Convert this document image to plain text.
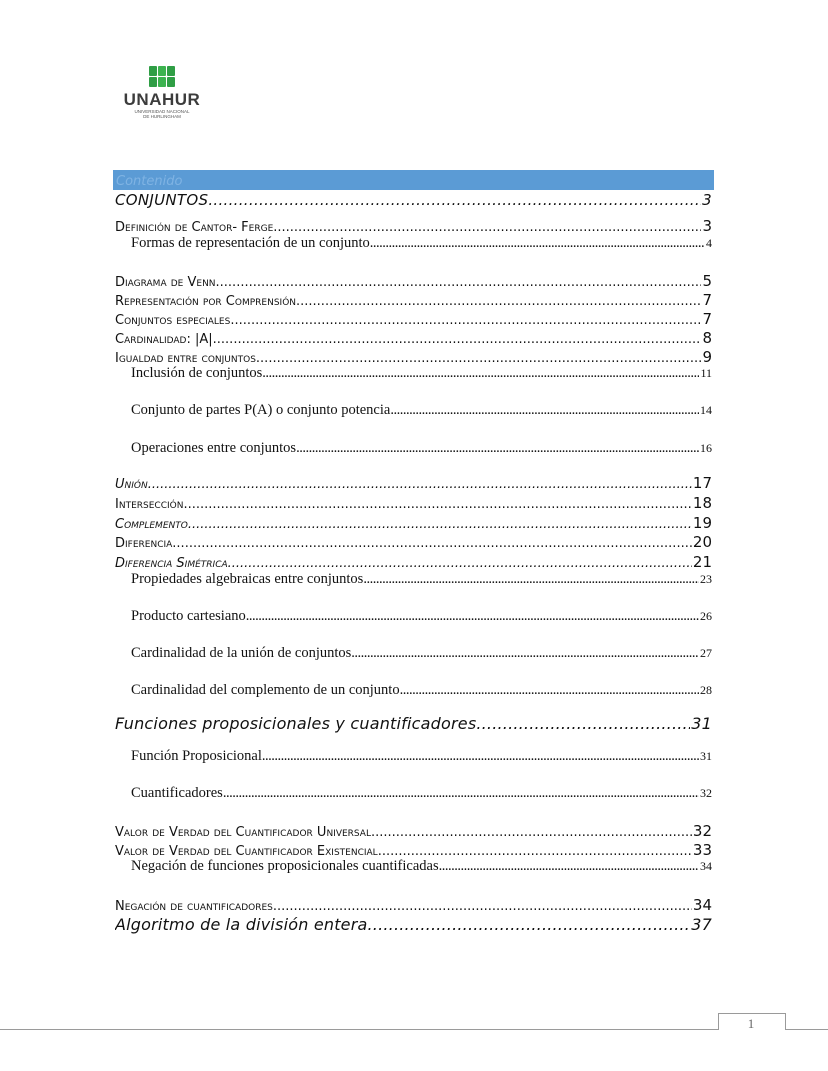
UNAHUR
UNIVERSIDAD NACIONAL
DE HURLINGHAM
Contenido
CONJUNTOS .....	3
Definición de Cantor- Ferge .....	3
Formas de representación de un conjunto .....	4
Diagrama de Venn .....	5
Representación por Comprensión .....	7
Conjuntos especiales .....	7
Cardinalidad: |A| .....	8
Igualdad entre conjuntos .....	9
Inclusión de conjuntos .....	11
Conjunto de partes P(A) o conjunto potencia .....	14
Operaciones entre conjuntos .....	16
Unión .....	17
Intersección .....	18
Complemento .....	19
Diferencia .....	20
Diferencia Simétrica .....	21
Propiedades algebraicas entre conjuntos .....	23
Producto cartesiano .....	26
Cardinalidad de la unión de conjuntos .....	27
Cardinalidad del complemento de un conjunto .....	28
Funciones proposicionales y cuantificadores .....	31
Función Proposicional .....	31
Cuantificadores .....	32
Valor de Verdad del Cuantificador Universal .....	32
Valor de Verdad del Cuantificador Existencial .....	33
Negación de funciones proposicionales cuantificadas .....	34
Negación de cuantificadores. .....	34
Algoritmo de la división entera .....	37
1
